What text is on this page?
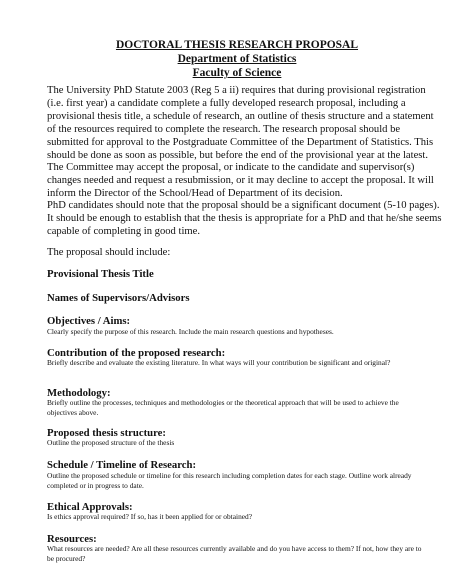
DOCTORAL THESIS RESEARCH PROPOSAL
Department of Statistics
Faculty of Science

The University PhD Statute 2003 (Reg 5 a ii) requires that during provisional registration (i.e. first year) a candidate complete a fully developed research proposal, including a provisional thesis title, a schedule of research, an outline of thesis structure and a statement of the resources required to complete the research. The research proposal should be submitted for approval to the Postgraduate Committee of the Department of Statistics. This should be done as soon as possible, but before the end of the provisional year at the latest. The Committee may accept the proposal, or indicate to the candidate and supervisor(s) changes needed and request a resubmission, or it may decline to accept the proposal. It will inform the Director of the School/Head of Department of its decision.

PhD candidates should note that the proposal should be a significant document (5-10 pages). It should be enough to establish that the thesis is appropriate for a PhD and that he/she seems capable of completing in good time.

The proposal should include:

Provisional Thesis Title
Names of Supervisors/Advisors
Objectives / Aims:
Clearly specify the purpose of this research. Include the main research questions and hypotheses.
Contribution of the proposed research:
Briefly describe and evaluate the existing literature. In what ways will your contribution be significant and original?
Methodology:
Briefly outline the processes, techniques and methodologies or the theoretical approach that will be used to achieve the objectives above.
Proposed thesis structure:
Outline the proposed structure of the thesis
Schedule / Timeline of Research:
Outline the proposed schedule or timeline for this research including completion dates for each stage. Outline work already completed or in progress to date.
Ethical Approvals:
Is ethics approval required? If so, has it been applied for or obtained?
Resources:
What resources are needed? Are all these resources currently available and do you have access to them? If not, how they are to be procured?
